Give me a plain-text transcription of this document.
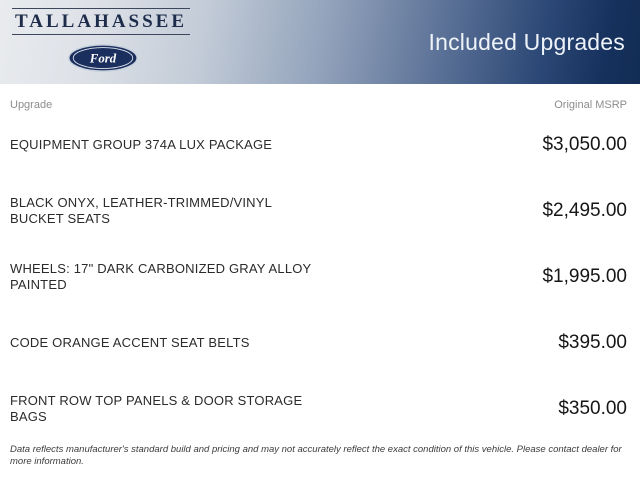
TALLAHASSEE
Ford
Included Upgrades
Upgrade	Original MSRP
EQUIPMENT GROUP 374A LUX PACKAGE	$3,050.00
BLACK ONYX, LEATHER-TRIMMED/VINYL BUCKET SEATS	$2,495.00
WHEELS: 17" DARK CARBONIZED GRAY ALLOY PAINTED	$1,995.00
CODE ORANGE ACCENT SEAT BELTS	$395.00
FRONT ROW TOP PANELS & DOOR STORAGE BAGS	$350.00
Data reflects manufacturer's standard build and pricing and may not accurately reflect the exact condition of this vehicle. Please contact dealer for more information.
